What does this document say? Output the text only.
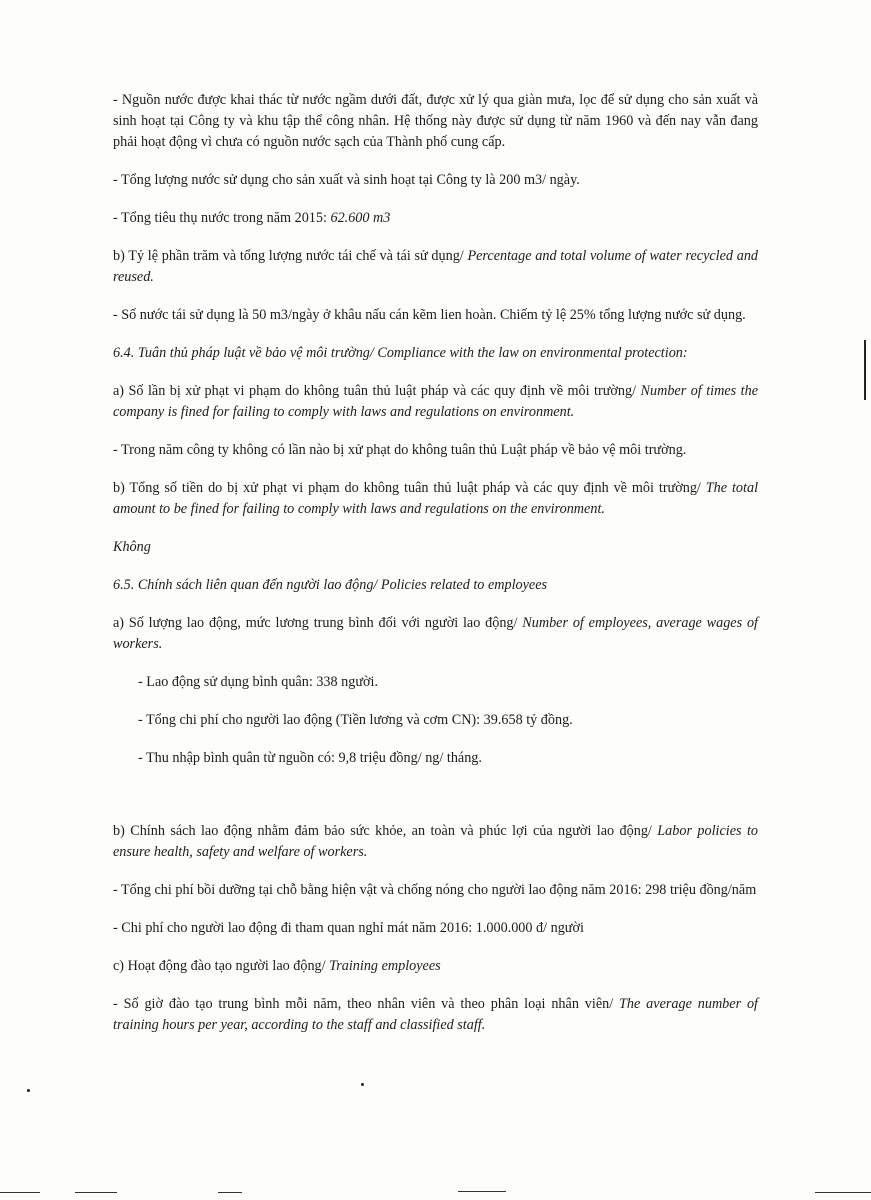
- Nguồn nước được khai thác từ nước ngầm dưới đất, được xử lý qua giàn mưa, lọc để sử dụng cho sản xuất và sinh hoạt tại Công ty và khu tập thể công nhân. Hệ thống này được sử dụng từ năm 1960 và đến nay vẫn đang phải hoạt động vì chưa có nguồn nước sạch của Thành phố cung cấp.

- Tổng lượng nước sử dụng cho sản xuất và sinh hoạt tại Công ty là 200 m3/ ngày.

- Tổng tiêu thụ nước trong năm 2015: 62.600 m3

b) Tỷ lệ phần trăm và tổng lượng nước tái chế và tái sử dụng/ Percentage and total volume of water recycled and reused.

- Số nước tái sử dụng là 50 m3/ngày ở khâu nấu cán kẽm lien hoàn. Chiếm tỷ lệ 25% tổng lượng nước sử dụng.

6.4. Tuân thủ pháp luật về bảo vệ môi trường/ Compliance with the law on environmental protection:

a) Số lần bị xử phạt vi phạm do không tuân thủ luật pháp và các quy định về môi trường/ Number of times the company is fined for failing to comply with laws and regulations on environment.

- Trong năm công ty không có lần nào bị xử phạt do không tuân thủ Luật pháp về bảo vệ môi trường.

b) Tổng số tiền do bị xử phạt vi phạm do không tuân thủ luật pháp và các quy định về môi trường/ The total amount to be fined for failing to comply with laws and regulations on the environment.

Không

6.5. Chính sách liên quan đến người lao động/ Policies related to employees

a) Số lượng lao động, mức lương trung bình đối với người lao động/ Number of employees, average wages of workers.

- Lao động sử dụng bình quân: 338 người.

- Tổng chi phí cho người lao động (Tiền lương và cơm CN): 39.658 tỷ đồng.

- Thu nhập bình quân từ nguồn có: 9,8 triệu đồng/ ng/ tháng.

b) Chính sách lao động nhằm đảm bảo sức khỏe, an toàn và phúc lợi của người lao động/ Labor policies to ensure health, safety and welfare of workers.

- Tổng chi phí bồi dưỡng tại chỗ bằng hiện vật và chống nóng cho người lao động năm 2016: 298 triệu đồng/năm

- Chi phí cho người lao động đi tham quan nghỉ mát năm 2016: 1.000.000 đ/ người

c) Hoạt động đào tạo người lao động/ Training employees

- Số giờ đào tạo trung bình mỗi năm, theo nhân viên và theo phân loại nhân viên/ The average number of training hours per year, according to the staff and classified staff.
